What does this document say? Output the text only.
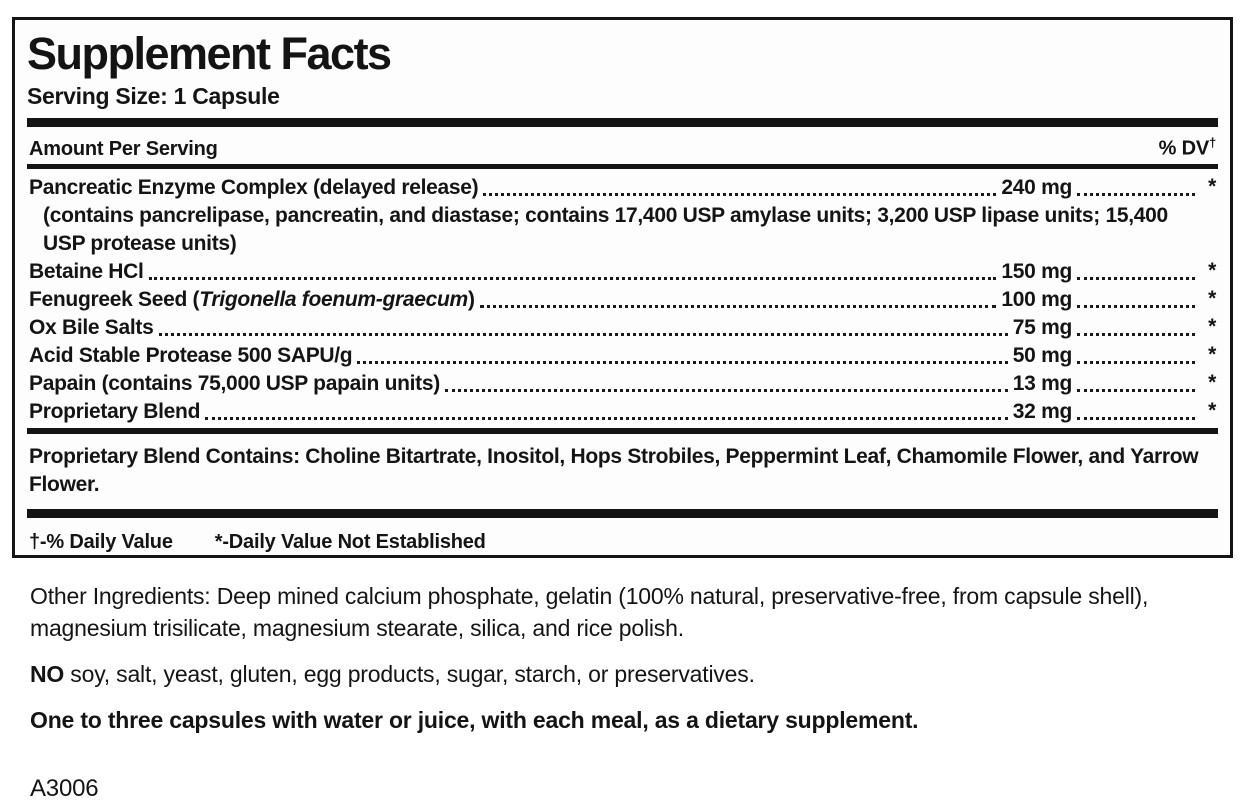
Supplement Facts
Serving Size: 1 Capsule
Amount Per Serving	% DV†
Pancreatic Enzyme Complex (delayed release)	240 mg	*
(contains pancrelipase, pancreatin, and diastase; contains 17,400 USP amylase units; 3,200 USP lipase units; 15,400 USP protease units)
Betaine HCl	150 mg	*
Fenugreek Seed (Trigonella foenum-graecum)	100 mg	*
Ox Bile Salts	75 mg	*
Acid Stable Protease 500 SAPU/g	50 mg	*
Papain (contains 75,000 USP papain units)	13 mg	*
Proprietary Blend	32 mg	*
Proprietary Blend Contains: Choline Bitartrate, Inositol, Hops Strobiles, Peppermint Leaf, Chamomile Flower, and Yarrow Flower.
†-% Daily Value *-Daily Value Not Established
Other Ingredients: Deep mined calcium phosphate, gelatin (100% natural, preservative-free, from capsule shell), magnesium trisilicate, magnesium stearate, silica, and rice polish.
NO soy, salt, yeast, gluten, egg products, sugar, starch, or preservatives.
One to three capsules with water or juice, with each meal, as a dietary supplement.
A3006
